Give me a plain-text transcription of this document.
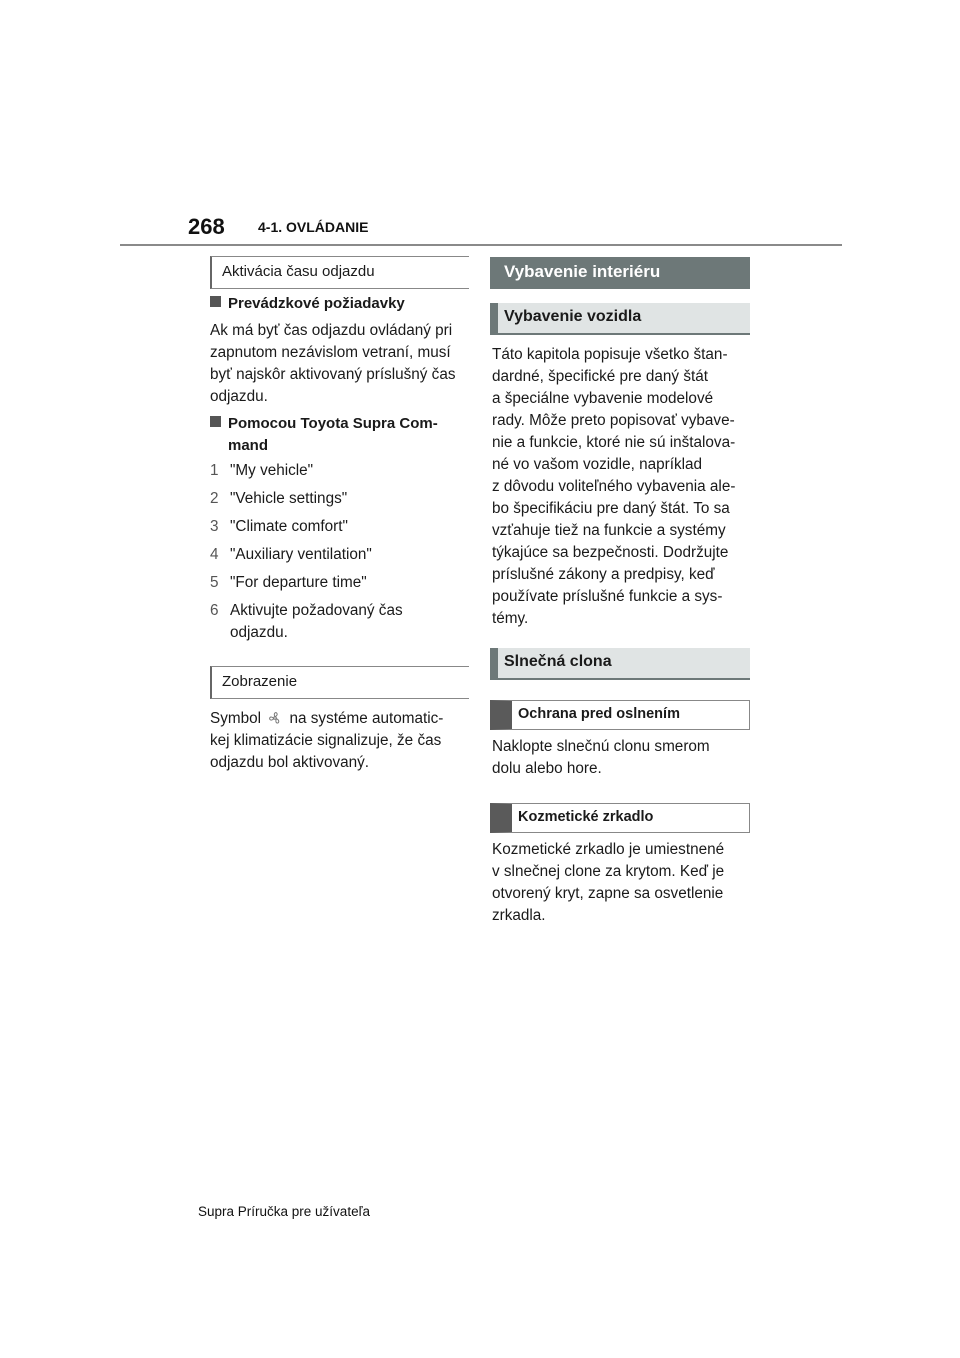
268 4-1. OVLÁDANIE
Aktivácia času odjazdu
Prevádzkové požiadavky
Ak má byť čas odjazdu ovládaný pri
zapnutom nezávislom vetraní, musí
byť najskôr aktivovaný príslušný čas
odjazdu.
Pomocou Toyota Supra Com-
mand
1 "My vehicle"
2 "Vehicle settings"
3 "Climate comfort"
4 "Auxiliary ventilation"
5 "For departure time"
6 Aktivujte požadovaný čas odjazdu.
Zobrazenie
Symbol na systéme automatic-
kej klimatizácie signalizuje, že čas
odjazdu bol aktivovaný.
Vybavenie interiéru
Vybavenie vozidla
Táto kapitola popisuje všetko štan-
dardné, špecifické pre daný štát
a špeciálne vybavenie modelové
rady. Môže preto popisovať vybave-
nie a funkcie, ktoré nie sú inštalova-
né vo vašom vozidle, napríklad
z dôvodu voliteľného vybavenia ale-
bo špecifikáciu pre daný štát. To sa
vzťahuje tiež na funkcie a systémy
týkajúce sa bezpečnosti. Dodržujte
príslušné zákony a predpisy, keď
používate príslušné funkcie a sys-
témy.
Slnečná clona
Ochrana pred oslnením
Naklopte slnečnú clonu smerom
dolu alebo hore.
Kozmetické zrkadlo
Kozmetické zrkadlo je umiestnené
v slnečnej clone za krytom. Keď je
otvorený kryt, zapne sa osvetlenie
zrkadla.
Supra Príručka pre užívateľa
